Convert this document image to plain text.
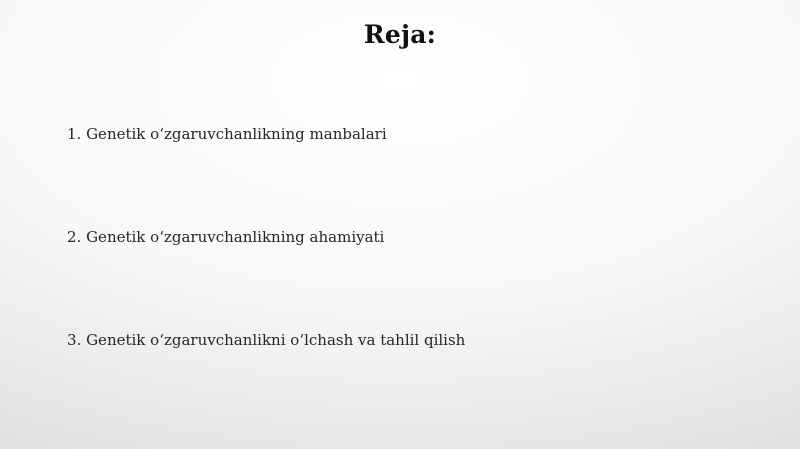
Reja:
1. Genetik oʻzgaruvchanlikning manbalari
2. Genetik oʻzgaruvchanlikning ahamiyati
3. Genetik oʻzgaruvchanlikni oʻlchash va tahlil qilish
